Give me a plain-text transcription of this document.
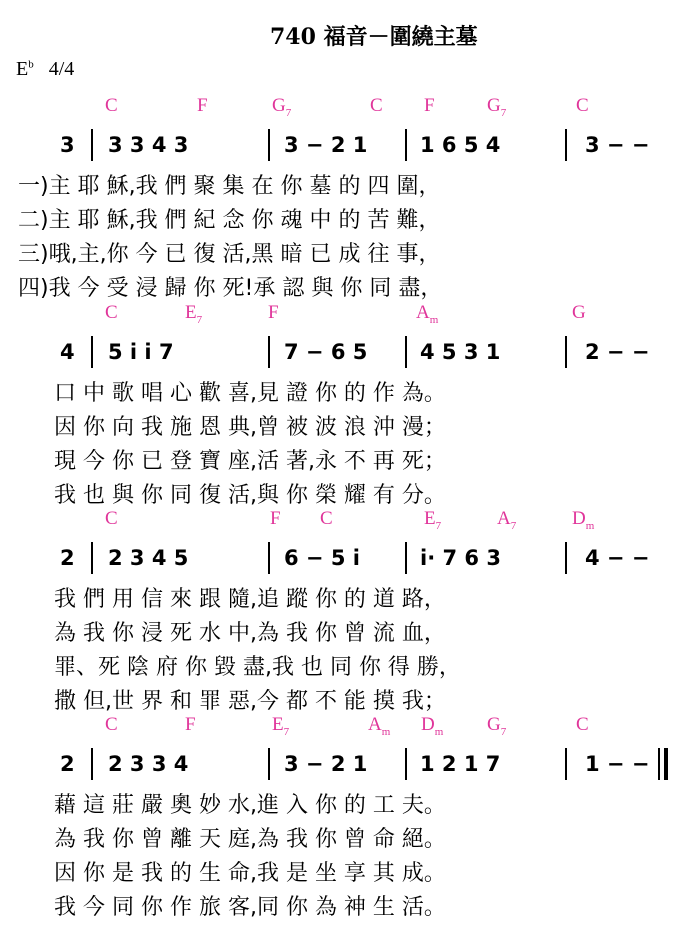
740 福音－圍繞主墓
$E^b$ 4/4
C	F	$G_7$	C F	$G_7$	C
3 3 3 4 3	3 − 2 1	1 6 5 4	3 − −
一)主 耶 穌,我 們 聚 集 在 你 墓 的 四 圍，
二)主 耶 穌,我 們 紀 念 你 魂 中 的 苦 難，
三)哦,主,你 今 已 復 活,黑 暗 已 成 往 事，
四)我 今 受 浸 歸 你 死!承 認 與 你 同 盡，
C	$E_7$	F	$A_m$	G
4 5 i i 7	7 − 6 5	4 5 3 1	2 − −
口 中 歌 唱 心 歡 喜,見 證 你 的 作 為。
因 你 向 我 施 恩 典,曾 被 波 浪 沖 漫；
現 今 你 已 登 寶 座,活 著,永 不 再 死；
我 也 與 你 同 復 活,與 你 榮 耀 有 分。
C	F C	$E_7$	$A_7$	$D_m$
2 2 3 4 5	6 − 5 i	i· 7 6 3	4 − −
我 們 用 信 來 跟 隨,追 蹤 你 的 道 路，
為 我 你 浸 死 水 中,為 我 你 曾 流 血，
罪、死 陰 府 你 毀 盡,我 也 同 你 得 勝，
撒 但,世 界 和 罪 惡,今 都 不 能 摸 我；
C	F	$E_7$	$A_m$ $D_m$ $G_7$	C
2 2 3 3 4	3 − 2 1	1 2 1 7	1 − −
藉 這 莊 嚴 奧 妙 水,進 入 你 的 工 夫。
為 我 你 曾 離 天 庭,為 我 你 曾 命 絕。
因 你 是 我 的 生 命,我 是 坐 享 其 成。
我 今 同 你 作 旅 客,同 你 為 神 生 活。
